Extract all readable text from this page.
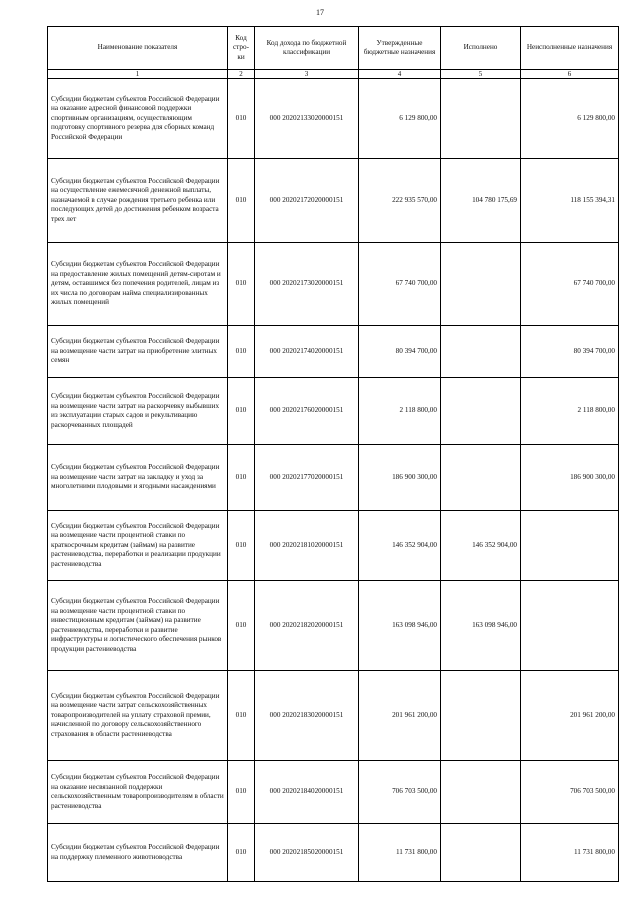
17
Наименование показателя	Код стро-ки	Код дохода по бюджетной классификации	Утвержденные бюджетные назначения	Исполнено	Неисполненные назначения
1	2	3	4	5	6
Субсидии бюджетам субъектов Российской Федерации на оказание адресной финансовой поддержки спортивным организациям, осуществляющим подготовку спортивного резерва для сборных команд Российской Федерации	010	000 20202133020000151	6 129 800,00		6 129 800,00
Субсидии бюджетам субъектов Российской Федерации на осуществление ежемесячной денежной выплаты, назначаемой в случае рождения третьего ребенка или последующих детей до достижения ребенком возраста трех лет	010	000 20202172020000151	222 935 570,00	104 780 175,69	118 155 394,31
Субсидии бюджетам субъектов Российской Федерации на предоставление жилых помещений детям-сиротам и детям, оставшимся без попечения родителей, лицам из их числа по договорам найма специализированных жилых помещений	010	000 20202173020000151	67 740 700,00		67 740 700,00
Субсидии бюджетам субъектов Российской Федерации на возмещение части затрат на приобретение элитных семян	010	000 20202174020000151	80 394 700,00		80 394 700,00
Субсидии бюджетам субъектов Российской Федерации на возмещение части затрат на раскорчевку выбывших из эксплуатации старых садов и рекультивацию раскорчеванных площадей	010	000 20202176020000151	2 118 800,00		2 118 800,00
Субсидии бюджетам субъектов Российской Федерации на возмещение части затрат на закладку и уход за многолетними плодовыми и ягодными насаждениями	010	000 20202177020000151	186 900 300,00		186 900 300,00
Субсидии бюджетам субъектов Российской Федерации на возмещение части процентной ставки по краткосрочным кредитам (займам) на развитие растениеводства, переработки и реализации продукции растениеводства	010	000 20202181020000151	146 352 904,00	146 352 904,00	
Субсидии бюджетам субъектов Российской Федерации на возмещение части процентной ставки по инвестиционным кредитам (займам) на развитие растениеводства, переработки и развитие инфраструктуры и логистического обеспечения рынков продукции растениеводства	010	000 20202182020000151	163 098 946,00	163 098 946,00	
Субсидии бюджетам субъектов Российской Федерации на возмещение части затрат сельскохозяйственных товаропроизводителей на уплату страховой премии, начисленной по договору сельскохозяйственного страхования в области растениеводства	010	000 20202183020000151	201 961 200,00		201 961 200,00
Субсидии бюджетам субъектов Российской Федерации на оказание несвязанной поддержки сельскохозяйственным товаропроизводителям в области растениеводства	010	000 20202184020000151	706 703 500,00		706 703 500,00
Субсидии бюджетам субъектов Российской Федерации на поддержку племенного животноводства	010	000 20202185020000151	11 731 800,00		11 731 800,00
